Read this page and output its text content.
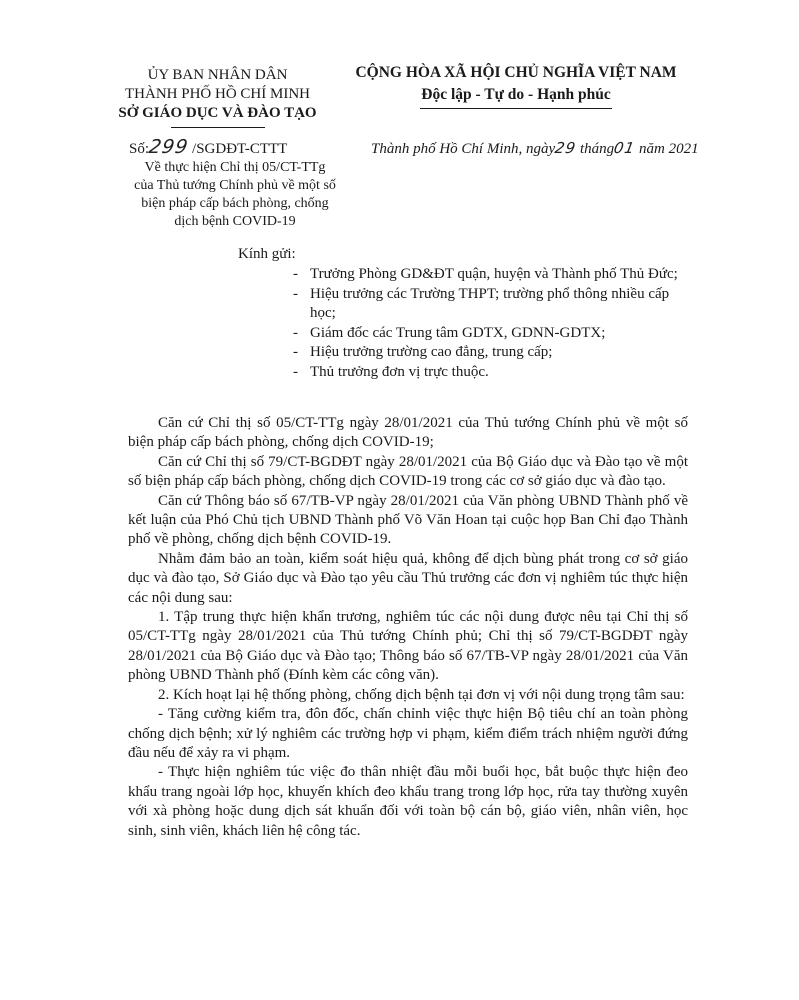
ỦY BAN NHÂN DÂN
THÀNH PHỐ HỒ CHÍ MINH
SỞ GIÁO DỤC VÀ ĐÀO TẠO
CỘNG HÒA XÃ HỘI CHỦ NGHĨA VIỆT NAM
Độc lập - Tự do - Hạnh phúc
Số:299 /SGDĐT-CTTT
Về thực hiện Chỉ thị 05/CT-TTg
của Thủ tướng Chính phủ về một số
biện pháp cấp bách phòng, chống
dịch bệnh COVID-19
Thành phố Hồ Chí Minh, ngày29 tháng01 năm 2021
Kính gửi:
- Trưởng Phòng GD&ĐT quận, huyện và Thành phố Thủ Đức;
- Hiệu trưởng các Trường THPT; trường phổ thông nhiều cấp học;
- Giám đốc các Trung tâm GDTX, GDNN-GDTX;
- Hiệu trưởng trường cao đẳng, trung cấp;
- Thủ trưởng đơn vị trực thuộc.

Căn cứ Chỉ thị số 05/CT-TTg ngày 28/01/2021 của Thủ tướng Chính phủ về một số biện pháp cấp bách phòng, chống dịch COVID-19;

Căn cứ Chỉ thị số 79/CT-BGDĐT ngày 28/01/2021 của Bộ Giáo dục và Đào tạo về một số biện pháp cấp bách phòng, chống dịch COVID-19 trong các cơ sở giáo dục và đào tạo.

Căn cứ Thông báo số 67/TB-VP ngày 28/01/2021 của Văn phòng UBND Thành phố về kết luận của Phó Chủ tịch UBND Thành phố Võ Văn Hoan tại cuộc họp Ban Chỉ đạo Thành phố về phòng, chống dịch bệnh COVID-19.

Nhằm đảm bảo an toàn, kiểm soát hiệu quả, không để dịch bùng phát trong cơ sở giáo dục và đào tạo, Sở Giáo dục và Đào tạo yêu cầu Thủ trưởng các đơn vị nghiêm túc thực hiện các nội dung sau:

1. Tập trung thực hiện khẩn trương, nghiêm túc các nội dung được nêu tại Chỉ thị số 05/CT-TTg ngày 28/01/2021 của Thủ tướng Chính phủ; Chỉ thị số 79/CT-BGDĐT ngày 28/01/2021 của Bộ Giáo dục và Đào tạo; Thông báo số 67/TB-VP ngày 28/01/2021 của Văn phòng UBND Thành phố (Đính kèm các công văn).

2. Kích hoạt lại hệ thống phòng, chống dịch bệnh tại đơn vị với nội dung trọng tâm sau:

- Tăng cường kiểm tra, đôn đốc, chấn chỉnh việc thực hiện Bộ tiêu chí an toàn phòng chống dịch bệnh; xử lý nghiêm các trường hợp vi phạm, kiểm điểm trách nhiệm người đứng đầu nếu để xảy ra vi phạm.

- Thực hiện nghiêm túc việc đo thân nhiệt đầu mỗi buổi học, bắt buộc thực hiện đeo khẩu trang ngoài lớp học, khuyến khích đeo khẩu trang trong lớp học, rửa tay thường xuyên với xà phòng hoặc dung dịch sát khuẩn đối với toàn bộ cán bộ, giáo viên, nhân viên, học sinh, sinh viên, khách liên hệ công tác.
